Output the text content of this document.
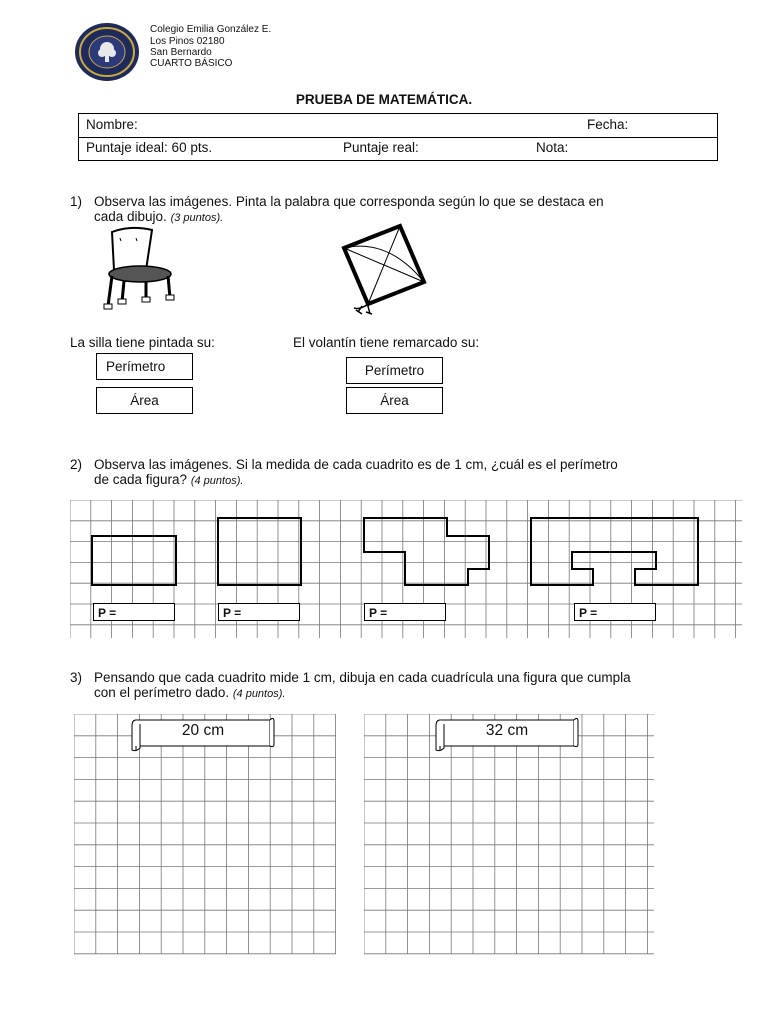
Colegio Emilia González E.
Los Pinos 02180
San Bernardo
CUARTO BÁSICO
PRUEBA DE MATEMÁTICA.
Nombre:	Fecha:
Puntaje ideal: 60 pts.	Puntaje real:	Nota:
1) Observa las imágenes. Pinta la palabra que corresponda según lo que se destaca en
cada dibujo. (3 puntos).
La silla tiene pintada su:	El volantín tiene remarcado su:
Perímetro
Área
Perímetro
Área
2) Observa las imágenes. Si la medida de cada cuadrito es de 1 cm, ¿cuál es el perímetro
de cada figura? (4 puntos).
P =	P =	P =	P =
3) Pensando que cada cuadrito mide 1 cm, dibuja en cada cuadrícula una figura que cumpla
con el perímetro dado. (4 puntos).
20 cm	32 cm
